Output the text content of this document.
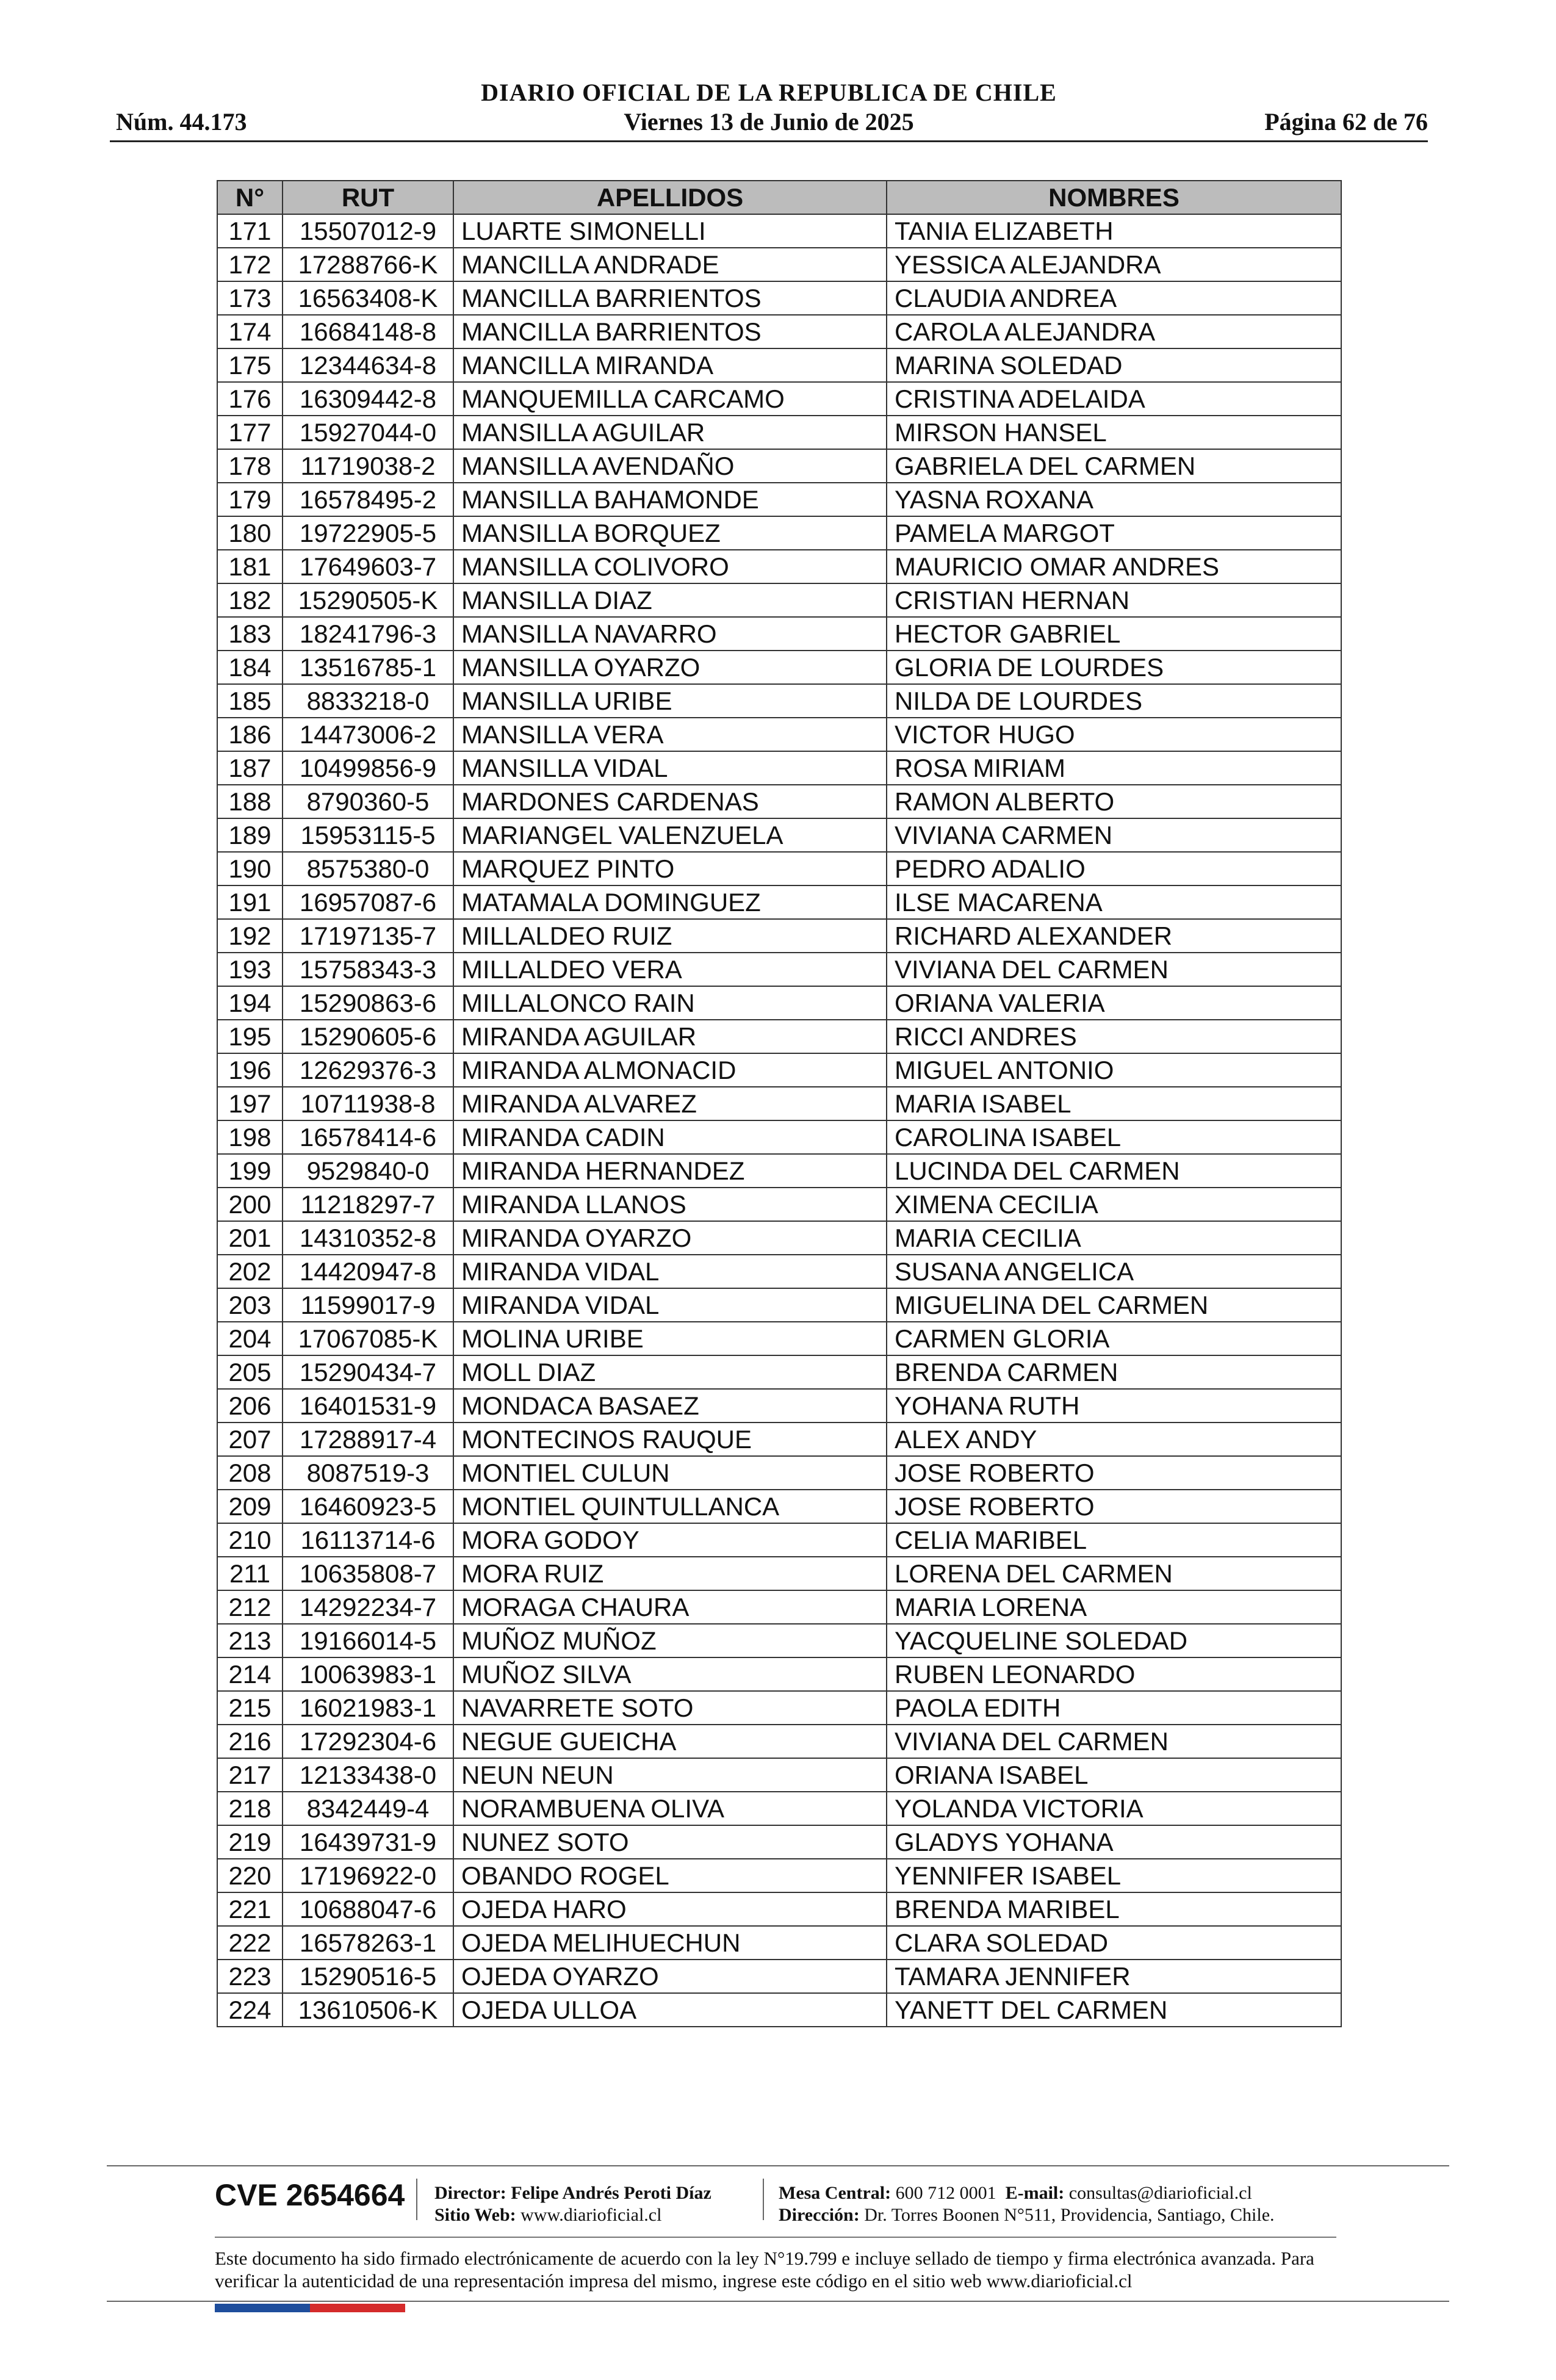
DIARIO OFICIAL DE LA REPUBLICA DE CHILE
Núm. 44.173	Viernes 13 de Junio de 2025	Página 62 de 76
N°	RUT	APELLIDOS	NOMBRES
171	15507012-9	LUARTE SIMONELLI	TANIA ELIZABETH
172	17288766-K	MANCILLA ANDRADE	YESSICA ALEJANDRA
173	16563408-K	MANCILLA BARRIENTOS	CLAUDIA ANDREA
174	16684148-8	MANCILLA BARRIENTOS	CAROLA ALEJANDRA
175	12344634-8	MANCILLA MIRANDA	MARINA SOLEDAD
176	16309442-8	MANQUEMILLA CARCAMO	CRISTINA ADELAIDA
177	15927044-0	MANSILLA AGUILAR	MIRSON HANSEL
178	11719038-2	MANSILLA AVENDAÑO	GABRIELA DEL CARMEN
179	16578495-2	MANSILLA BAHAMONDE	YASNA ROXANA
180	19722905-5	MANSILLA BORQUEZ	PAMELA MARGOT
181	17649603-7	MANSILLA COLIVORO	MAURICIO OMAR ANDRES
182	15290505-K	MANSILLA DIAZ	CRISTIAN HERNAN
183	18241796-3	MANSILLA NAVARRO	HECTOR GABRIEL
184	13516785-1	MANSILLA OYARZO	GLORIA DE LOURDES
185	8833218-0	MANSILLA URIBE	NILDA DE LOURDES
186	14473006-2	MANSILLA VERA	VICTOR HUGO
187	10499856-9	MANSILLA VIDAL	ROSA MIRIAM
188	8790360-5	MARDONES CARDENAS	RAMON ALBERTO
189	15953115-5	MARIANGEL VALENZUELA	VIVIANA CARMEN
190	8575380-0	MARQUEZ PINTO	PEDRO ADALIO
191	16957087-6	MATAMALA DOMINGUEZ	ILSE MACARENA
192	17197135-7	MILLALDEO RUIZ	RICHARD ALEXANDER
193	15758343-3	MILLALDEO VERA	VIVIANA DEL CARMEN
194	15290863-6	MILLALONCO RAIN	ORIANA VALERIA
195	15290605-6	MIRANDA AGUILAR	RICCI ANDRES
196	12629376-3	MIRANDA ALMONACID	MIGUEL ANTONIO
197	10711938-8	MIRANDA ALVAREZ	MARIA ISABEL
198	16578414-6	MIRANDA CADIN	CAROLINA ISABEL
199	9529840-0	MIRANDA HERNANDEZ	LUCINDA DEL CARMEN
200	11218297-7	MIRANDA LLANOS	XIMENA CECILIA
201	14310352-8	MIRANDA OYARZO	MARIA CECILIA
202	14420947-8	MIRANDA VIDAL	SUSANA ANGELICA
203	11599017-9	MIRANDA VIDAL	MIGUELINA DEL CARMEN
204	17067085-K	MOLINA URIBE	CARMEN GLORIA
205	15290434-7	MOLL DIAZ	BRENDA CARMEN
206	16401531-9	MONDACA BASAEZ	YOHANA RUTH
207	17288917-4	MONTECINOS RAUQUE	ALEX ANDY
208	8087519-3	MONTIEL CULUN	JOSE ROBERTO
209	16460923-5	MONTIEL QUINTULLANCA	JOSE ROBERTO
210	16113714-6	MORA GODOY	CELIA MARIBEL
211	10635808-7	MORA RUIZ	LORENA DEL CARMEN
212	14292234-7	MORAGA CHAURA	MARIA LORENA
213	19166014-5	MUÑOZ MUÑOZ	YACQUELINE SOLEDAD
214	10063983-1	MUÑOZ SILVA	RUBEN LEONARDO
215	16021983-1	NAVARRETE SOTO	PAOLA EDITH
216	17292304-6	NEGUE GUEICHA	VIVIANA DEL CARMEN
217	12133438-0	NEUN NEUN	ORIANA ISABEL
218	8342449-4	NORAMBUENA OLIVA	YOLANDA VICTORIA
219	16439731-9	NUNEZ SOTO	GLADYS YOHANA
220	17196922-0	OBANDO ROGEL	YENNIFER ISABEL
221	10688047-6	OJEDA HARO	BRENDA MARIBEL
222	16578263-1	OJEDA MELIHUECHUN	CLARA SOLEDAD
223	15290516-5	OJEDA OYARZO	TAMARA JENNIFER
224	13610506-K	OJEDA ULLOA	YANETT DEL CARMEN
CVE 2654664 Director: Felipe Andrés Peroti Díaz
Sitio Web: www.diarioficial.cl
Mesa Central: 600 712 0001 E-mail: consultas@diarioficial.cl
Dirección: Dr. Torres Boonen N°511, Providencia, Santiago, Chile.
Este documento ha sido firmado electrónicamente de acuerdo con la ley N°19.799 e incluye sellado de tiempo y firma electrónica avanzada. Para verificar la autenticidad de una representación impresa del mismo, ingrese este código en el sitio web www.diarioficial.cl
